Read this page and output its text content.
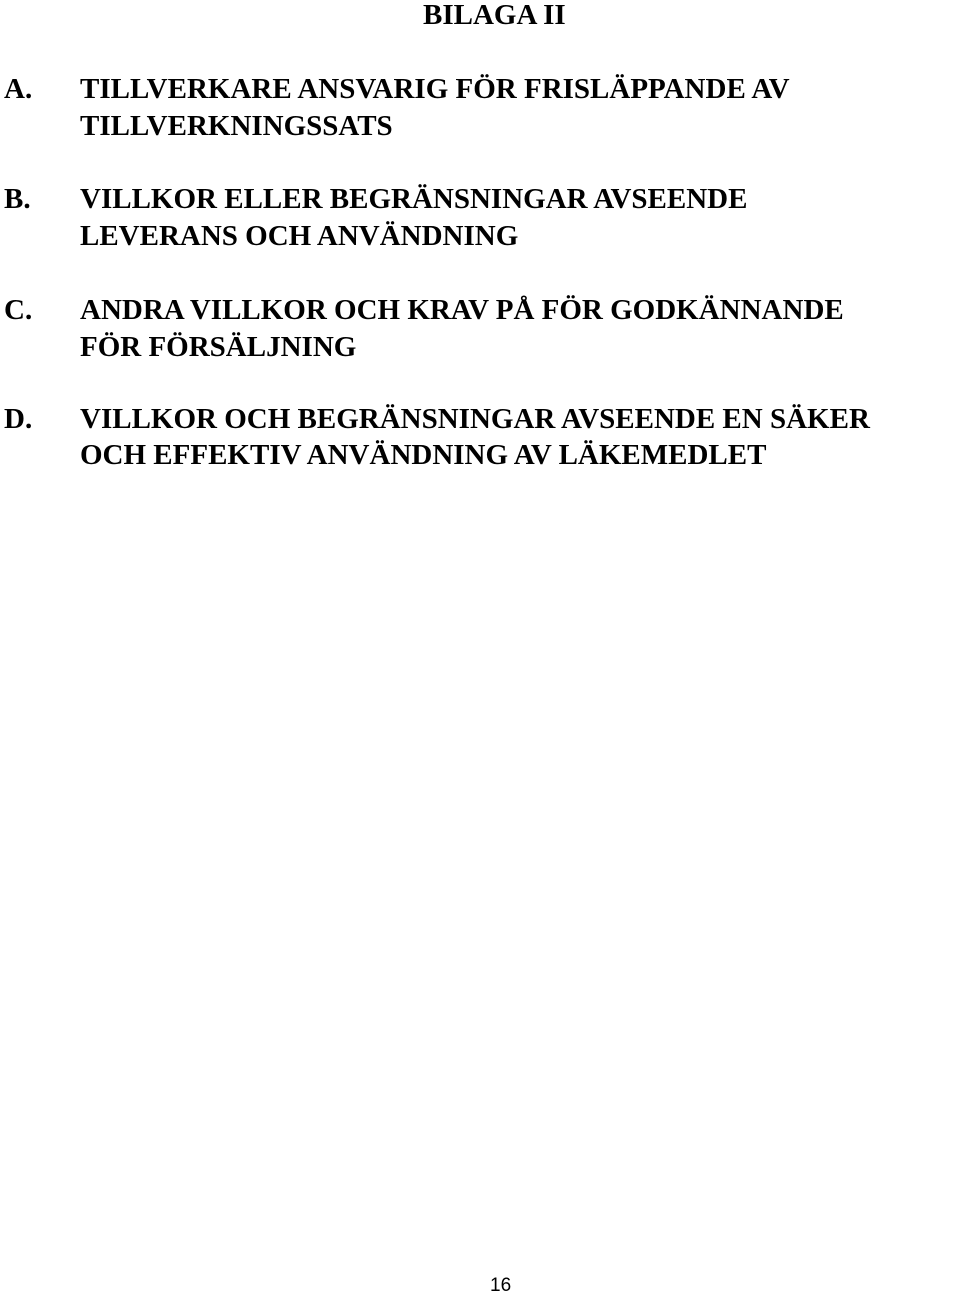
BILAGA II
A. TILLVERKARE ANSVARIG FÖR FRISLÄPPANDE AV
TILLVERKNINGSSATS
B. VILLKOR ELLER BEGRÄNSNINGAR AVSEENDE
LEVERANS OCH ANVÄNDNING
C. ANDRA VILLKOR OCH KRAV PÅ FÖR GODKÄNNANDE
FÖR FÖRSÄLJNING
D. VILLKOR OCH BEGRÄNSNINGAR AVSEENDE EN SÄKER
OCH EFFEKTIV ANVÄNDNING AV LÄKEMEDLET
16
